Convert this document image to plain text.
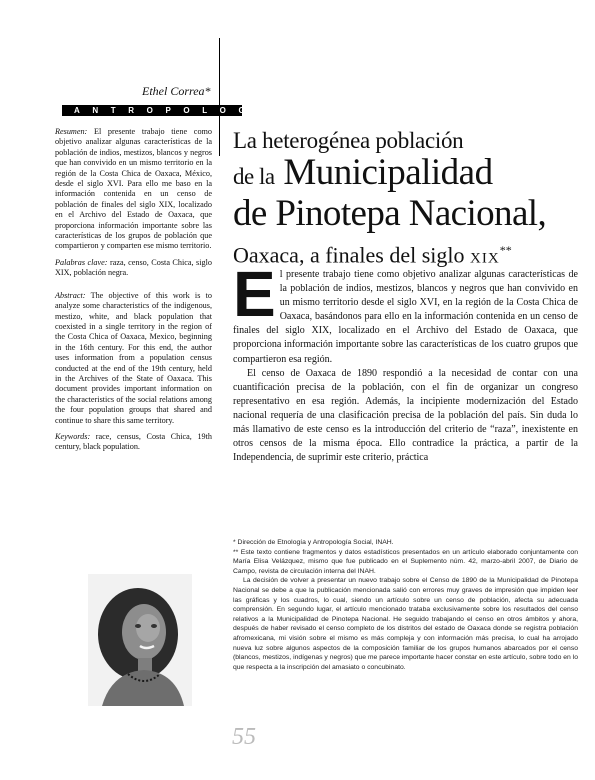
Ethel Correa*
ANTROPOLOGIA

Resumen: El presente trabajo tiene como objetivo analizar algunas características de la población de indios, mestizos, blancos y negros que han convivido en un mismo territorio en la región de la Costa Chica de Oaxaca, México, desde el siglo XVI. Para ello me baso en la información contenida en un censo de población de finales del siglo XIX, localizado en el Archivo del Estado de Oaxaca, que proporciona información importante sobre las características de los grupos de población que compartieron y comparten ese mismo territorio.

Palabras clave: raza, censo, Costa Chica, siglo XIX, población negra.

Abstract: The objective of this work is to analyze some characteristics of the indigenous, mestizo, white, and black population that coexisted in a single territory in the region of the Costa Chica of Oaxaca, Mexico, beginning in the 16th century. For this end, the author uses information from a population census conducted at the end of the 19th century, held in the Archives of the State of Oaxaca. This document provides important information on the characteristics of the social relations among the four population groups that shared and continue to share this same territory.

Keywords: race, census, Costa Chica, 19th century, black population.

La heterogénea población
de la Municipalidad
de Pinotepa Nacional,
Oaxaca, a finales del siglo XIX**

El presente trabajo tiene como objetivo analizar algunas características de la población de indios, mestizos, blancos y negros que han convivido en un mismo territorio desde el siglo XVI, en la región de la Costa Chica de Oaxaca, basándonos para ello en la información contenida en un censo de finales del siglo XIX, localizado en el Archivo del Estado de Oaxaca, que proporciona información importante sobre las características de los cuatro grupos que compartieron esa región.

El censo de Oaxaca de 1890 respondió a la necesidad de contar con una cuantificación precisa de la población, con el fin de organizar un congreso representativo en esa región. Además, la incipiente modernización del Estado nacional requería de una clasificación precisa de la población del país. Sin duda lo más llamativo de este censo es la introducción del criterio de “raza”, inexistente en otros censos de la misma época. Ello contradice la práctica, a partir de la Independencia, de suprimir este criterio, práctica

* Dirección de Etnología y Antropología Social, INAH.

** Este texto contiene fragmentos y datos estadísticos presentados en un artículo elaborado conjuntamente con María Elisa Velázquez, mismo que fue publicado en el Suplemento núm. 42, marzo-abril 2007, de Diario de Campo, revista de circulación interna del INAH.

La decisión de volver a presentar un nuevo trabajo sobre el Censo de 1890 de la Municipalidad de Pinotepa Nacional se debe a que la publicación mencionada salió con errores muy graves de impresión que impiden leer las gráficas y los cuadros, lo cual, siendo un artículo sobre un censo de población, afecta su adecuada comprensión. En segundo lugar, el artículo mencionado trataba exclusivamente sobre los resultados del censo relativos a la Municipalidad de Pinotepa Nacional. He seguido trabajando el censo en otros ámbitos y ahora, después de haber revisado el censo completo de los distritos del estado de Oaxaca donde se registra población afromexicana, mi visión sobre el mismo es más compleja y con información más precisa, lo cual ha arrojado nueva luz sobre algunos aspectos de la composición familiar de los grupos humanos abarcados por el censo (blancos, mestizos, indígenas y negros) que me parece importante hacer constar en este artículo, sobre todo en lo que respecta a la inscripción del amasiato o concubinato.

55
